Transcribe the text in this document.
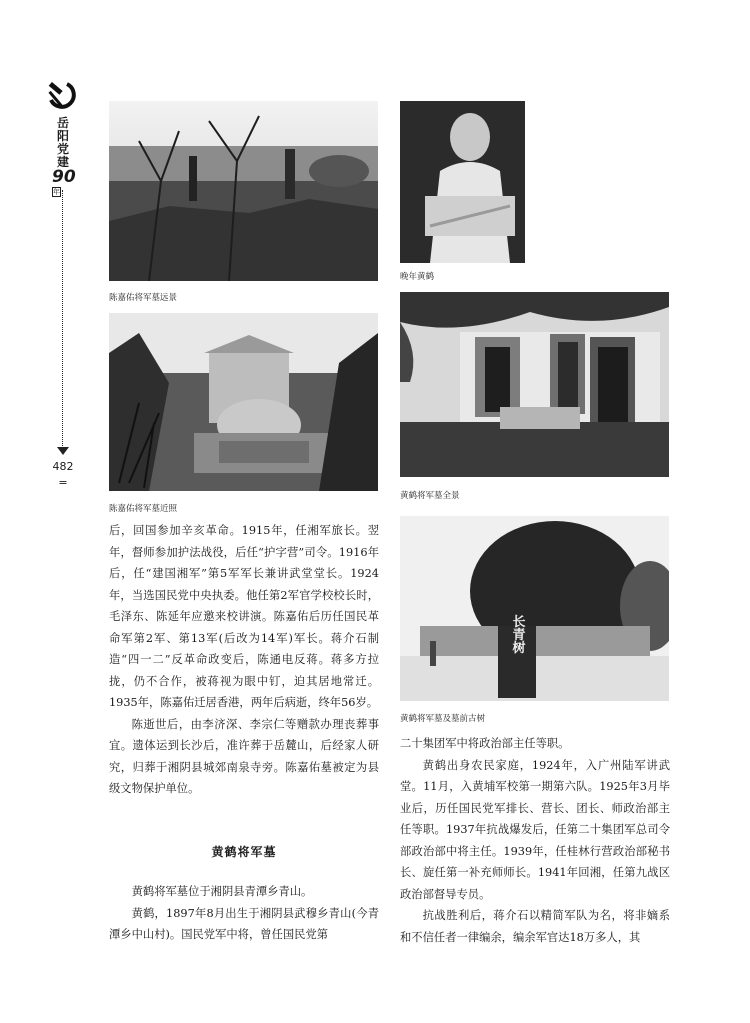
岳
阳
党
建
$90^年$
482
=
陈嘉佑将军墓远景
陈嘉佑将军墓近照
晚年黄鹤
黄鹤将军墓全景
长青树
黄鹤将军墓及墓前古树

后，回国参加辛亥革命。1915年，任湘军旅长。翌年，督师参加护法战役，后任“护字营”司令。1916年后，任“建国湘军”第5军军长兼讲武堂堂长。1924年，当选国民党中央执委。他任第2军官学校校长时，毛泽东、陈延年应邀来校讲演。陈嘉佑后历任国民革命军第2军、第13军(后改为14军)军长。蒋介石制造“四一二”反革命政变后，陈通电反蒋。蒋多方拉拢，仍不合作，被蒋视为眼中钉，迫其居地常迁。1935年，陈嘉佑迁居香港，两年后病逝，终年56岁。

陈逝世后，由李济深、李宗仁等赠款办理丧葬事宜。遗体运到长沙后，准许葬于岳麓山，后经家人研究，归葬于湘阴县城郊南泉寺旁。陈嘉佑墓被定为县级文物保护单位。

黄鹤将军墓

黄鹤将军墓位于湘阴县青潭乡青山。

黄鹤，1897年8月出生于湘阴县武穆乡青山(今青潭乡中山村)。国民党军中将，曾任国民党第

二十集团军中将政治部主任等职。

黄鹤出身农民家庭，1924年，入广州陆军讲武堂。11月，入黄埔军校第一期第六队。1925年3月毕业后，历任国民党军排长、营长、团长、师政治部主任等职。1937年抗战爆发后，任第二十集团军总司令部政治部中将主任。1939年，任桂林行营政治部秘书长、旋任第一补充师师长。1941年回湘，任第九战区政治部督导专员。

抗战胜利后，蒋介石以精简军队为名，将非嫡系和不信任者一律编余，编余军官达18万多人，其
